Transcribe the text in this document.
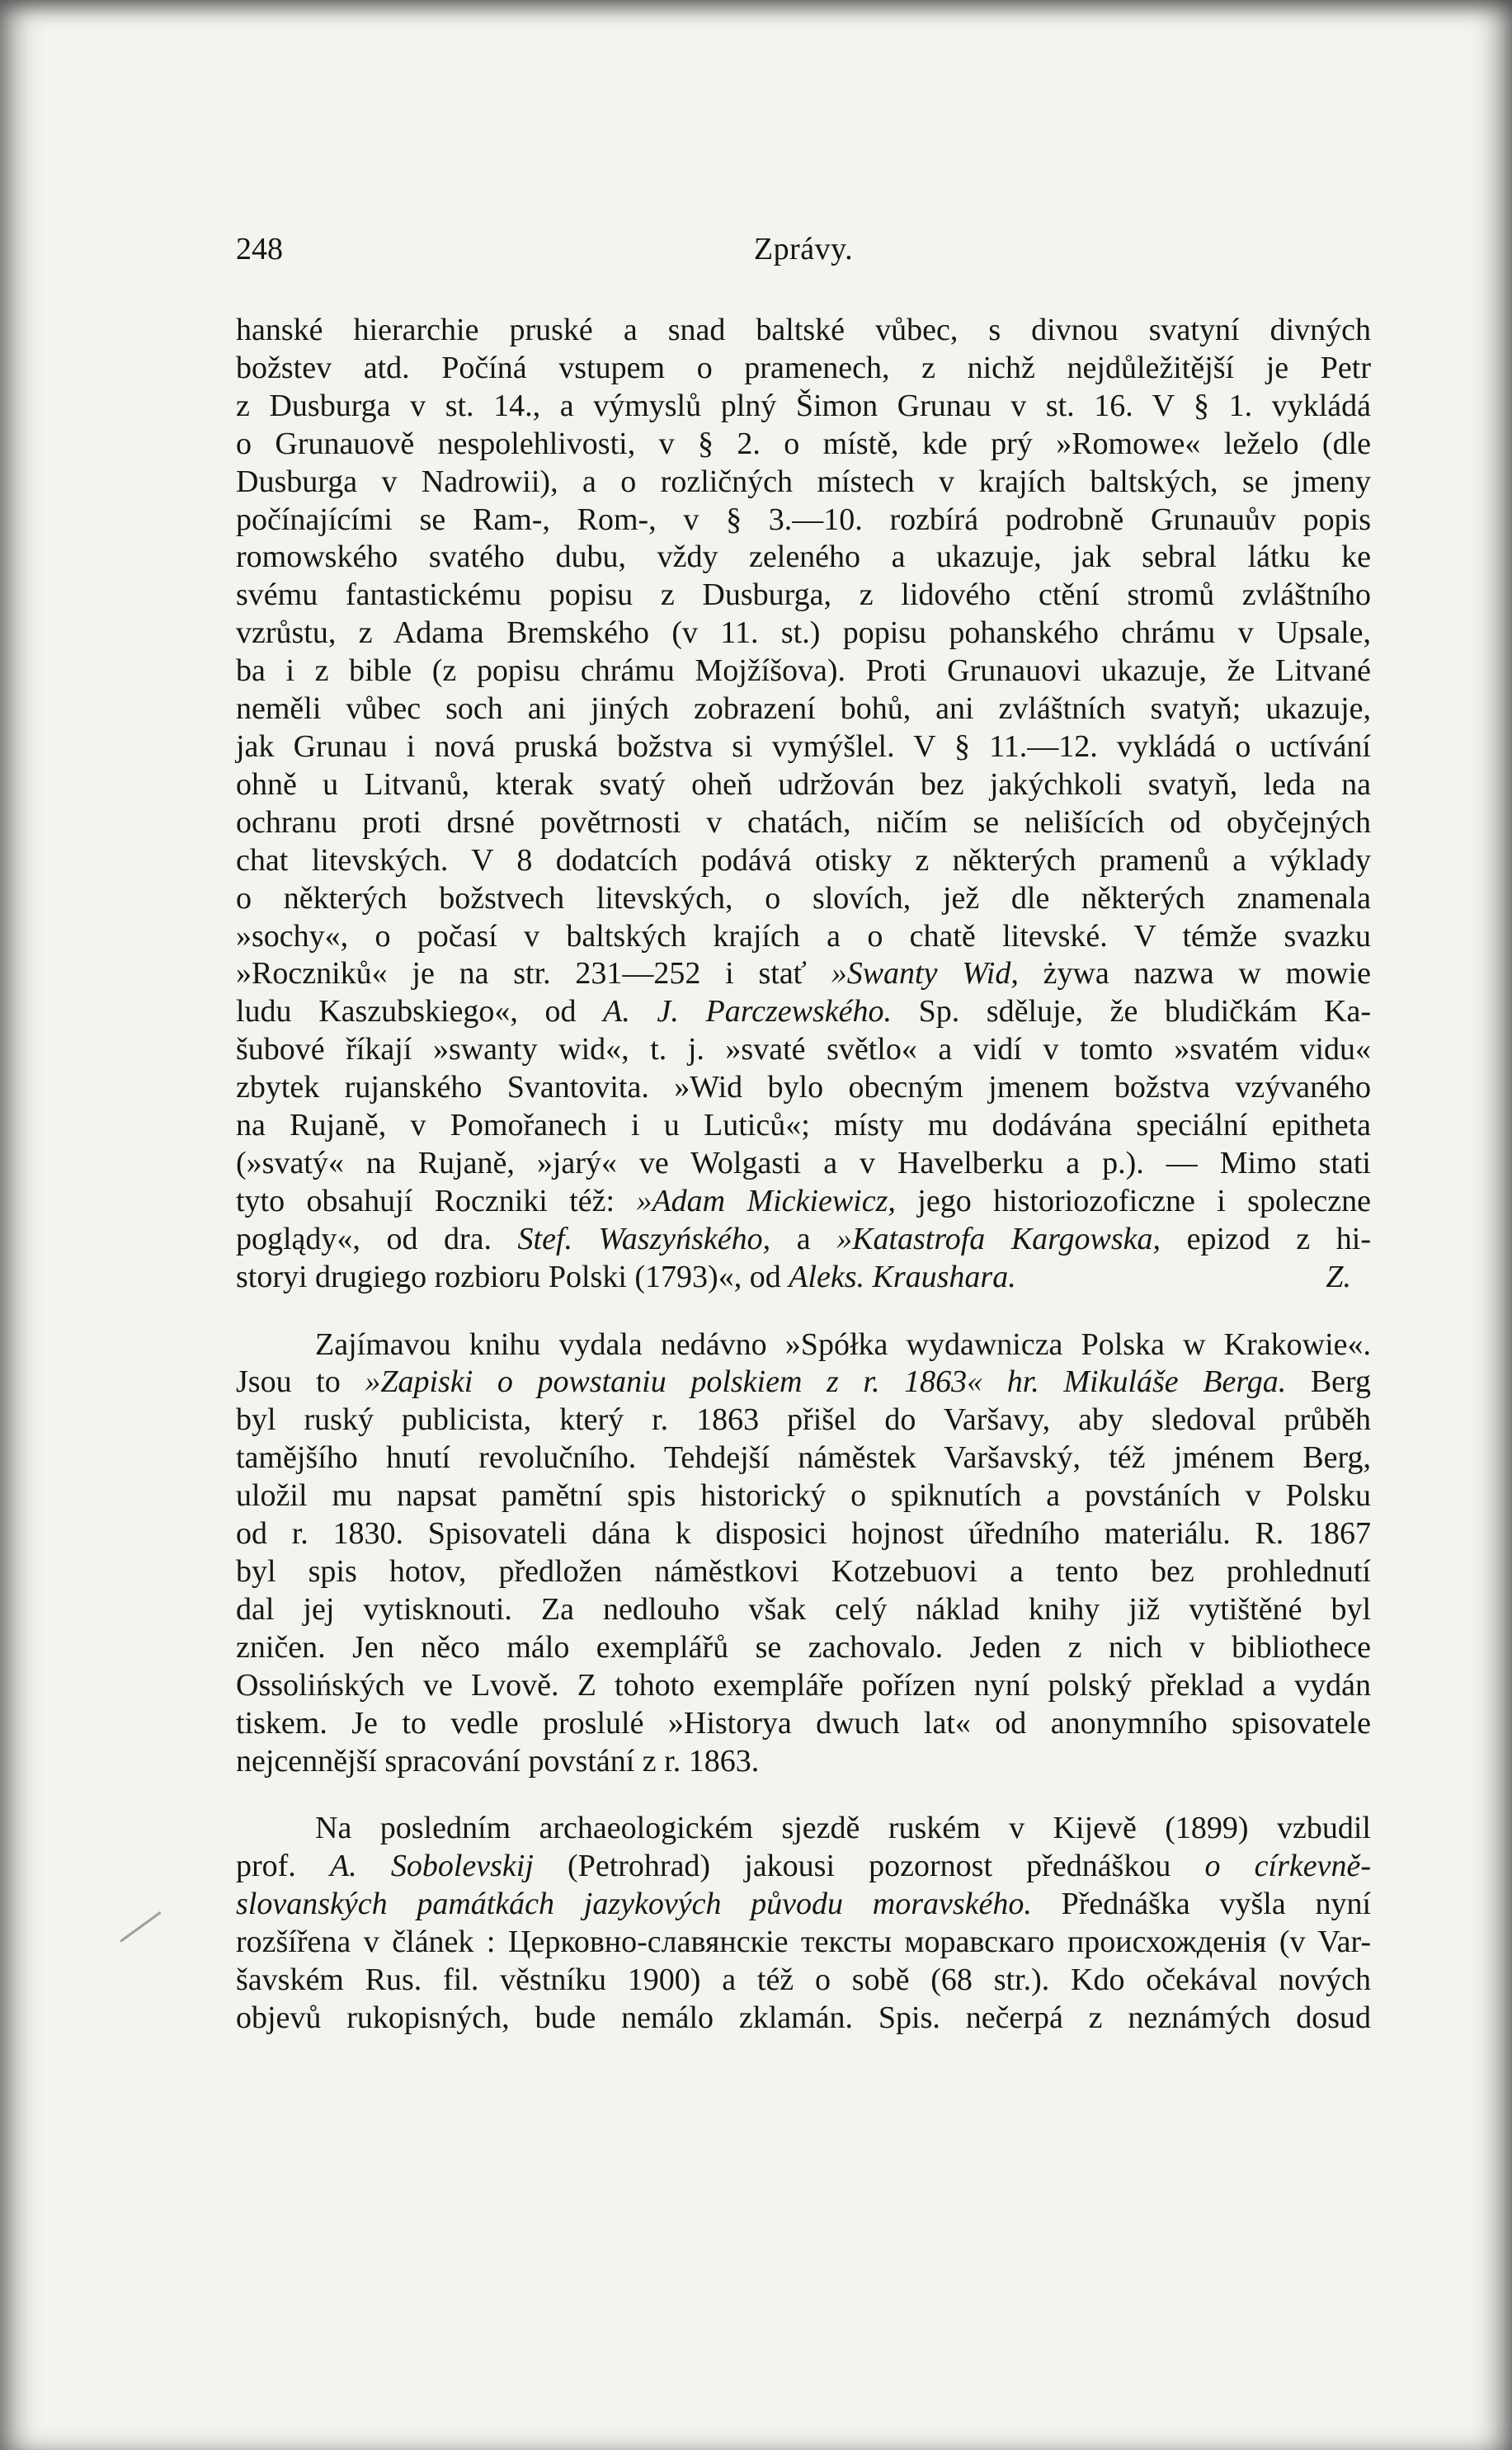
248	Zprávy.

hanské hierarchie pruské a snad baltské vůbec, s divnou svatyní divných
božstev atd. Počíná vstupem o pramenech, z nichž nejdůležitější je Petr
z Dusburga v st. 14., a výmyslů plný Šimon Grunau v st. 16. V § 1. vykládá
o Grunauově nespolehlivosti, v § 2. o místě, kde prý »Romowe« leželo (dle
Dusburga v Nadrowii), a o rozličných místech v krajích baltských, se jmeny
počínajícími se Ram-, Rom-, v § 3.—10. rozbírá podrobně Grunauův popis
romowského svatého dubu, vždy zeleného a ukazuje, jak sebral látku ke
svému fantastickému popisu z Dusburga, z lidového ctění stromů zvláštního
vzrůstu, z Adama Bremského (v 11. st.) popisu pohanského chrámu v Upsale,
ba i z bible (z popisu chrámu Mojžíšova). Proti Grunauovi ukazuje, že Litvané
neměli vůbec soch ani jiných zobrazení bohů, ani zvláštních svatyň; ukazuje,
jak Grunau i nová pruská božstva si vymýšlel. V § 11.—12. vykládá o uctívání
ohně u Litvanů, kterak svatý oheň udržován bez jakýchkoli svatyň, leda na
ochranu proti drsné povětrnosti v chatách, ničím se nelišících od obyčejných
chat litevských. V 8 dodatcích podává otisky z některých pramenů a výklady
o některých božstvech litevských, o slovích, jež dle některých znamenala
»sochy«, o počasí v baltských krajích a o chatě litevské. V témže svazku
»Roczniků« je na str. 231—252 i stať »Swanty Wid, żywa nazwa w mowie
ludu Kaszubskiego«, od A. J. Parczewského. Sp. sděluje, že bludičkám Ka-
šubové říkají »swanty wid«, t. j. »svaté světlo« a vidí v tomto »svatém vidu«
zbytek rujanského Svantovita. »Wid bylo obecným jmenem božstva vzývaného
na Rujaně, v Pomořanech i u Luticů«; místy mu dodávána speciální epitheta
(»svatý« na Rujaně, »jarý« ve Wolgasti a v Havelberku a p.). — Mimo stati
tyto obsahují Roczniki též: »Adam Mickiewicz, jego historiozoficzne i spoleczne
poglądy«, od dra. Stef. Waszyńského, a »Katastrofa Kargowska, epizod z hi-
storyi drugiego rozbioru Polski (1793)«, od Aleks. Kraushara.	Z.

Zajímavou knihu vydala nedávno »Spółka wydawnicza Polska w Krakowie«.
Jsou to »Zapiski o powstaniu polskiem z r. 1863« hr. Mikuláše Berga. Berg
byl ruský publicista, který r. 1863 přišel do Varšavy, aby sledoval průběh
tamějšího hnutí revolučního. Tehdejší náměstek Varšavský, též jménem Berg,
uložil mu napsat pamětní spis historický o spiknutích a povstáních v Polsku
od r. 1830. Spisovateli dána k disposici hojnost úředního materiálu. R. 1867
byl spis hotov, předložen náměstkovi Kotzebuovi a tento bez prohlednutí
dal jej vytisknouti. Za nedlouho však celý náklad knihy již vytištěné byl
zničen. Jen něco málo exemplářů se zachovalo. Jeden z nich v bibliothece
Ossolińských ve Lvově. Z tohoto exempláře pořízen nyní polský překlad a vydán
tiskem. Je to vedle proslulé »Historya dwuch lat« od anonymního spisovatele
nejcennější spracování povstání z r. 1863.

Na posledním archaeologickém sjezdě ruském v Kijevě (1899) vzbudil
prof. A. Sobolevskij (Petrohrad) jakousi pozornost přednáškou o církevně-
slovanských památkách jazykových původu moravského. Přednáška vyšla nyní
rozšířena v článek : Церковно-славянскiе тексты моравскаго происхожденiя (v Var-
šavském Rus. fil. věstníku 1900) a též o sobě (68 str.). Kdo očekával nových
objevů rukopisných, bude nemálo zklamán. Spis. nečerpá z neznámých dosud
